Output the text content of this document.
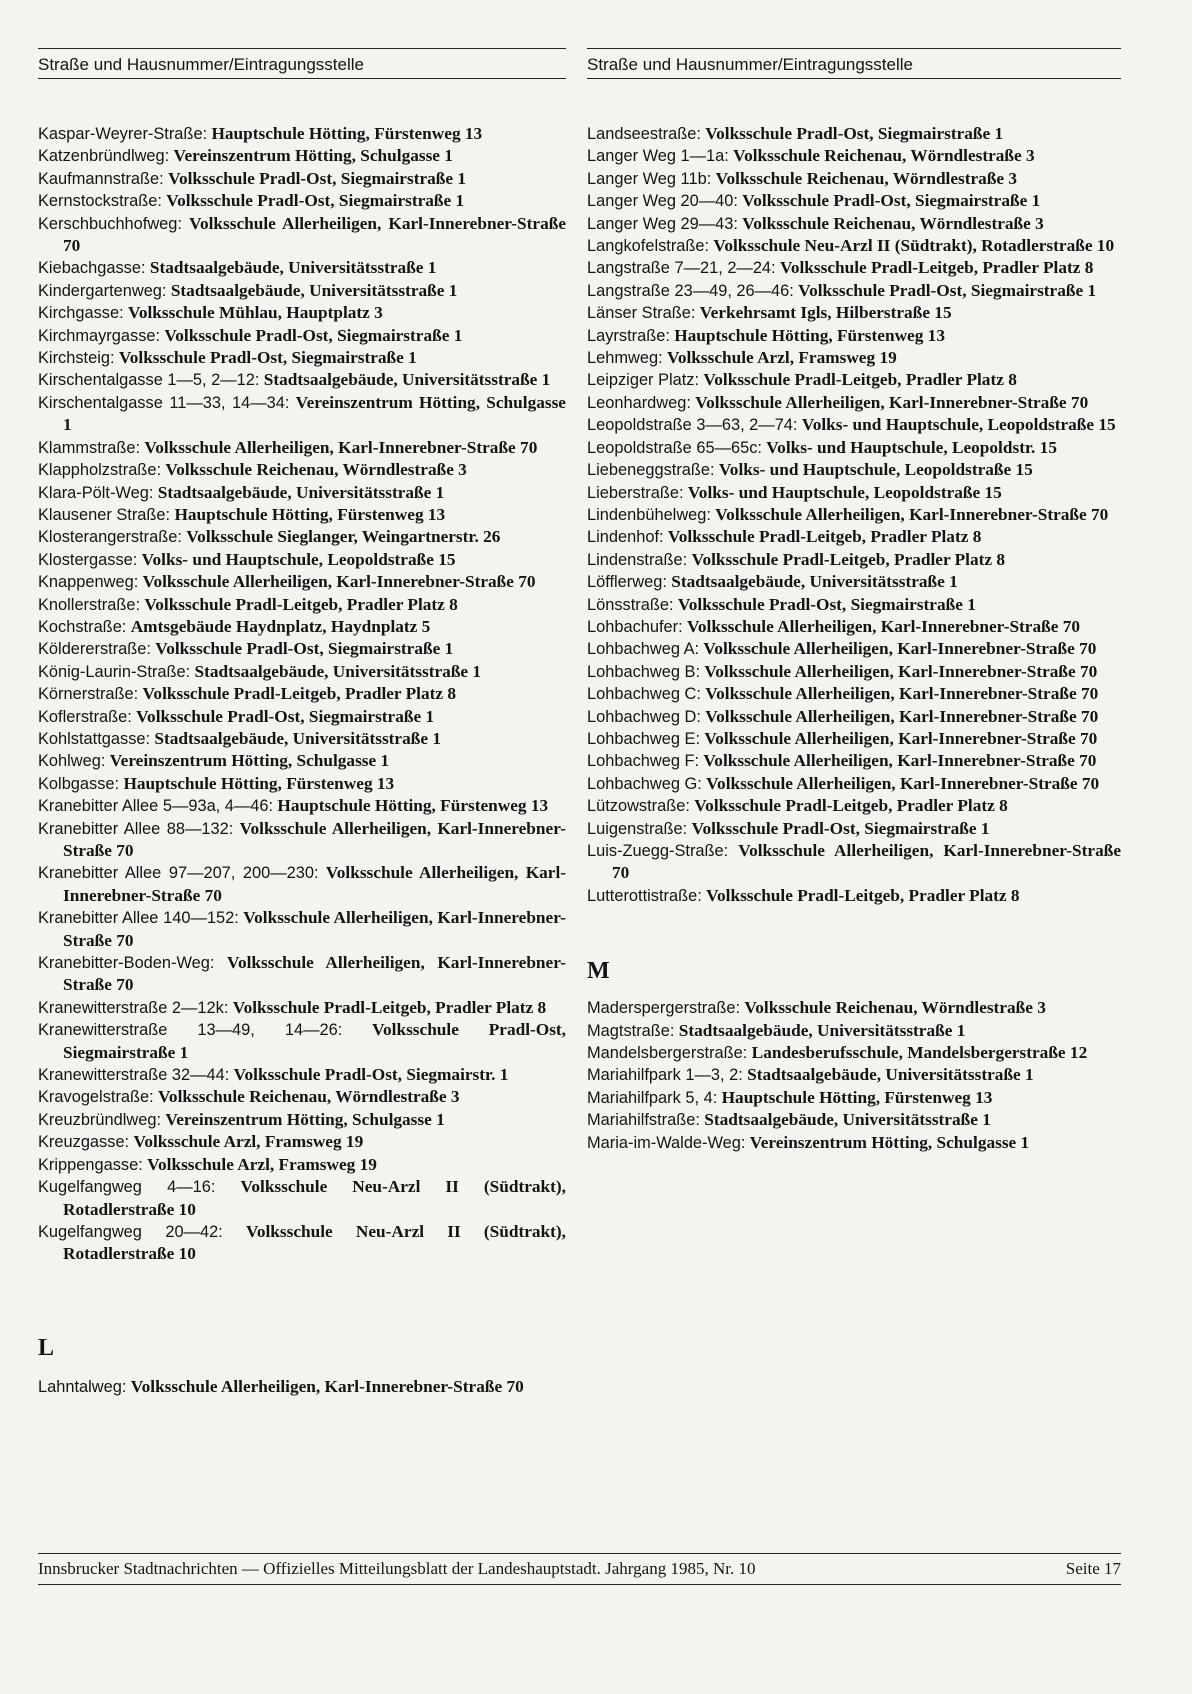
Straße und Hausnummer/Eintragungsstelle
Kaspar-Weyrer-Straße: Hauptschule Hötting, Fürstenweg 13
Katzenbründlweg: Vereinszentrum Hötting, Schulgasse 1
Kaufmannstraße: Volksschule Pradl-Ost, Siegmairstraße 1
Kernstockstraße: Volksschule Pradl-Ost, Siegmairstraße 1
Kerschbuchhofweg: Volksschule Allerheiligen, Karl-Innerebner-Straße 70
Kiebachgasse: Stadtsaalgebäude, Universitätsstraße 1
Kindergartenweg: Stadtsaalgebäude, Universitätsstraße 1
Kirchgasse: Volksschule Mühlau, Hauptplatz 3
Kirchmayrgasse: Volksschule Pradl-Ost, Siegmairstraße 1
Kirchsteig: Volksschule Pradl-Ost, Siegmairstraße 1
Kirschentalgasse 1—5, 2—12: Stadtsaalgebäude, Universitätsstraße 1
Kirschentalgasse 11—33, 14—34: Vereinszentrum Hötting, Schulgasse 1
Klammstraße: Volksschule Allerheiligen, Karl-Innerebner-Straße 70
Klappholzstraße: Volksschule Reichenau, Wörndlestraße 3
Klara-Pölt-Weg: Stadtsaalgebäude, Universitätsstraße 1
Klausener Straße: Hauptschule Hötting, Fürstenweg 13
Klosterangerstraße: Volksschule Sieglanger, Weingartnerstr. 26
Klostergasse: Volks- und Hauptschule, Leopoldstraße 15
Knappenweg: Volksschule Allerheiligen, Karl-Innerebner-Straße 70
Knollerstraße: Volksschule Pradl-Leitgeb, Pradler Platz 8
Kochstraße: Amtsgebäude Haydnplatz, Haydnplatz 5
Köldererstraße: Volksschule Pradl-Ost, Siegmairstraße 1
König-Laurin-Straße: Stadtsaalgebäude, Universitätsstraße 1
Körnerstraße: Volksschule Pradl-Leitgeb, Pradler Platz 8
Koflerstraße: Volksschule Pradl-Ost, Siegmairstraße 1
Kohlstattgasse: Stadtsaalgebäude, Universitätsstraße 1
Kohlweg: Vereinszentrum Hötting, Schulgasse 1
Kolbgasse: Hauptschule Hötting, Fürstenweg 13
Kranebitter Allee 5—93a, 4—46: Hauptschule Hötting, Fürstenweg 13
Kranebitter Allee 88—132: Volksschule Allerheiligen, Karl-Innerebner-Straße 70
Kranebitter Allee 97—207, 200—230: Volksschule Allerheiligen, Karl-Innerebner-Straße 70
Kranebitter Allee 140—152: Volksschule Allerheiligen, Karl-Innerebner-Straße 70
Kranebitter-Boden-Weg: Volksschule Allerheiligen, Karl-Innerebner-Straße 70
Kranewitterstraße 2—12k: Volksschule Pradl-Leitgeb, Pradler Platz 8
Kranewitterstraße 13—49, 14—26: Volksschule Pradl-Ost, Siegmairstraße 1
Kranewitterstraße 32—44: Volksschule Pradl-Ost, Siegmairstr. 1
Kravogelstraße: Volksschule Reichenau, Wörndlestraße 3
Kreuzbründlweg: Vereinszentrum Hötting, Schulgasse 1
Kreuzgasse: Volksschule Arzl, Framsweg 19
Krippengasse: Volksschule Arzl, Framsweg 19
Kugelfangweg 4—16: Volksschule Neu-Arzl II (Südtrakt), Rotadlerstraße 10
Kugelfangweg 20—42: Volksschule Neu-Arzl II (Südtrakt), Rotadlerstraße 10

L

Lahntalweg: Volksschule Allerheiligen, Karl-Innerebner-Straße 70
Straße und Hausnummer/Eintragungsstelle
Landseestraße: Volksschule Pradl-Ost, Siegmairstraße 1
Langer Weg 1—1a: Volksschule Reichenau, Wörndlestraße 3
Langer Weg 11b: Volksschule Reichenau, Wörndlestraße 3
Langer Weg 20—40: Volksschule Pradl-Ost, Siegmairstraße 1
Langer Weg 29—43: Volksschule Reichenau, Wörndlestraße 3
Langkofelstraße: Volksschule Neu-Arzl II (Südtrakt), Rotadlerstraße 10
Langstraße 7—21, 2—24: Volksschule Pradl-Leitgeb, Pradler Platz 8
Langstraße 23—49, 26—46: Volksschule Pradl-Ost, Siegmairstraße 1
Länser Straße: Verkehrsamt Igls, Hilberstraße 15
Layrstraße: Hauptschule Hötting, Fürstenweg 13
Lehmweg: Volksschule Arzl, Framsweg 19
Leipziger Platz: Volksschule Pradl-Leitgeb, Pradler Platz 8
Leonhardweg: Volksschule Allerheiligen, Karl-Innerebner-Straße 70
Leopoldstraße 3—63, 2—74: Volks- und Hauptschule, Leopoldstraße 15
Leopoldstraße 65—65c: Volks- und Hauptschule, Leopoldstr. 15
Liebeneggstraße: Volks- und Hauptschule, Leopoldstraße 15
Lieberstraße: Volks- und Hauptschule, Leopoldstraße 15
Lindenbühelweg: Volksschule Allerheiligen, Karl-Innerebner-Straße 70
Lindenhof: Volksschule Pradl-Leitgeb, Pradler Platz 8
Lindenstraße: Volksschule Pradl-Leitgeb, Pradler Platz 8
Löfflerweg: Stadtsaalgebäude, Universitätsstraße 1
Lönsstraße: Volksschule Pradl-Ost, Siegmairstraße 1
Lohbachufer: Volksschule Allerheiligen, Karl-Innerebner-Straße 70
Lohbachweg A: Volksschule Allerheiligen, Karl-Innerebner-Straße 70
Lohbachweg B: Volksschule Allerheiligen, Karl-Innerebner-Straße 70
Lohbachweg C: Volksschule Allerheiligen, Karl-Innerebner-Straße 70
Lohbachweg D: Volksschule Allerheiligen, Karl-Innerebner-Straße 70
Lohbachweg E: Volksschule Allerheiligen, Karl-Innerebner-Straße 70
Lohbachweg F: Volksschule Allerheiligen, Karl-Innerebner-Straße 70
Lohbachweg G: Volksschule Allerheiligen, Karl-Innerebner-Straße 70
Lützowstraße: Volksschule Pradl-Leitgeb, Pradler Platz 8
Luigenstraße: Volksschule Pradl-Ost, Siegmairstraße 1
Luis-Zuegg-Straße: Volksschule Allerheiligen, Karl-Innerebner-Straße 70
Lutterottistraße: Volksschule Pradl-Leitgeb, Pradler Platz 8

M

Maderspergerstraße: Volksschule Reichenau, Wörndlestraße 3
Magtstraße: Stadtsaalgebäude, Universitätsstraße 1
Mandelsbergerstraße: Landesberufsschule, Mandelsbergerstraße 12
Mariahilfpark 1—3, 2: Stadtsaalgebäude, Universitätsstraße 1
Mariahilfpark 5, 4: Hauptschule Hötting, Fürstenweg 13
Mariahilfstraße: Stadtsaalgebäude, Universitätsstraße 1
Maria-im-Walde-Weg: Vereinszentrum Hötting, Schulgasse 1
Innsbrucker Stadtnachrichten — Offizielles Mitteilungsblatt der Landeshauptstadt. Jahrgang 1985, Nr. 10	Seite 17
